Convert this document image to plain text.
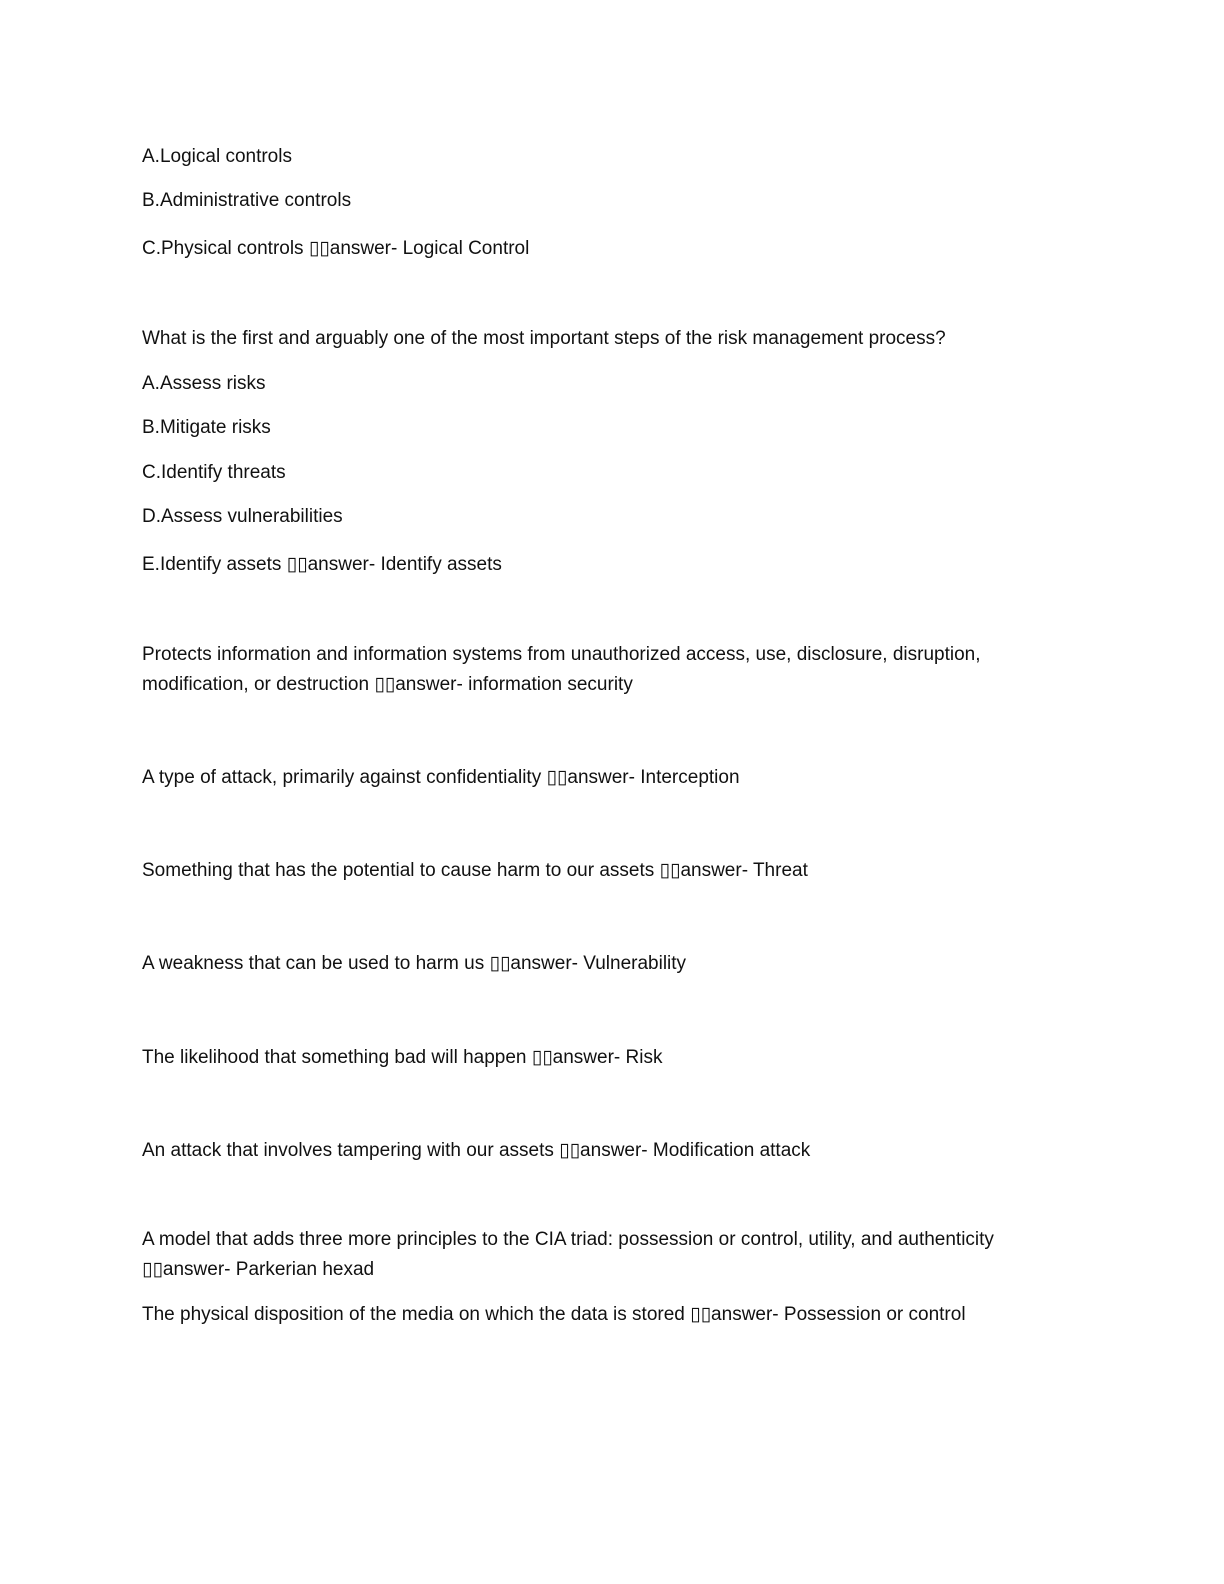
A.Logical controls
B.Administrative controls
C.Physical controls ▯▯answer- Logical Control
What is the first and arguably one of the most important steps of the risk management process?
A.Assess risks
B.Mitigate risks
C.Identify threats
D.Assess vulnerabilities
E.Identify assets ▯▯answer- Identify assets
Protects information and information systems from unauthorized access, use, disclosure, disruption, modification, or destruction ▯▯answer- information security
A type of attack, primarily against confidentiality ▯▯answer- Interception
Something that has the potential to cause harm to our assets ▯▯answer- Threat
A weakness that can be used to harm us ▯▯answer- Vulnerability
The likelihood that something bad will happen ▯▯answer- Risk
An attack that involves tampering with our assets ▯▯answer- Modification attack
A model that adds three more principles to the CIA triad: possession or control, utility, and authenticity ▯▯answer- Parkerian hexad
The physical disposition of the media on which the data is stored ▯▯answer- Possession or control
